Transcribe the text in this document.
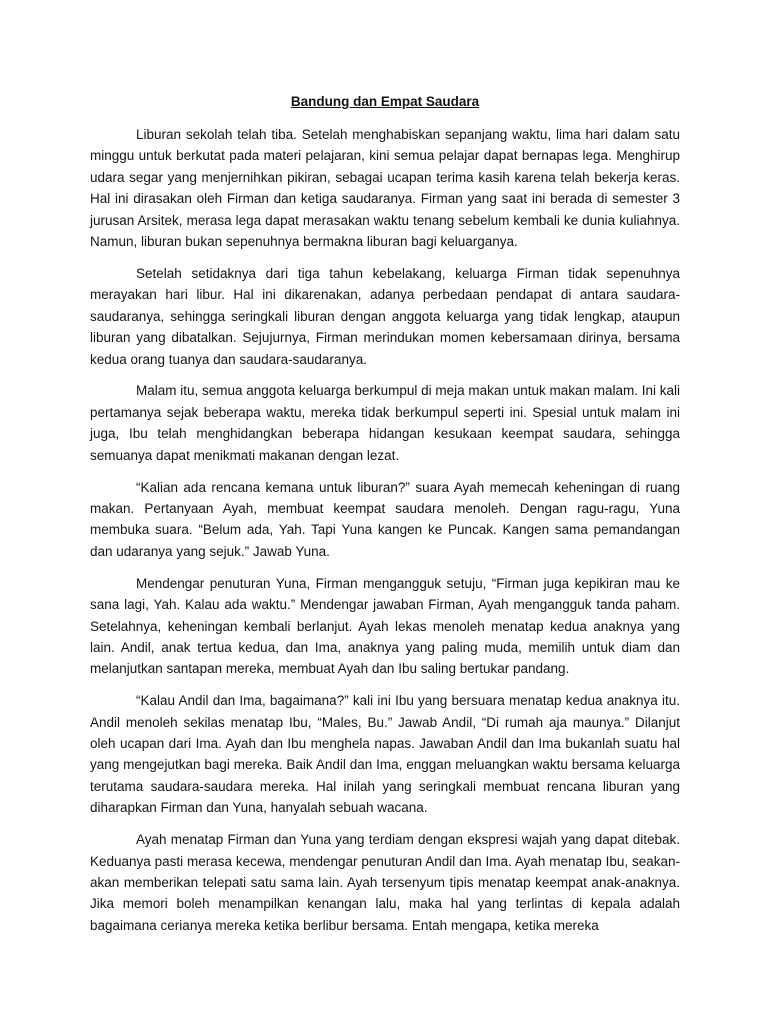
Bandung dan Empat Saudara

Liburan sekolah telah tiba. Setelah menghabiskan sepanjang waktu, lima hari dalam satu minggu untuk berkutat pada materi pelajaran, kini semua pelajar dapat bernapas lega. Menghirup udara segar yang menjernihkan pikiran, sebagai ucapan terima kasih karena telah bekerja keras. Hal ini dirasakan oleh Firman dan ketiga saudaranya. Firman yang saat ini berada di semester 3 jurusan Arsitek, merasa lega dapat merasakan waktu tenang sebelum kembali ke dunia kuliahnya. Namun, liburan bukan sepenuhnya bermakna liburan bagi keluarganya.

Setelah setidaknya dari tiga tahun kebelakang, keluarga Firman tidak sepenuhnya merayakan hari libur. Hal ini dikarenakan, adanya perbedaan pendapat di antara saudara-saudaranya, sehingga seringkali liburan dengan anggota keluarga yang tidak lengkap, ataupun liburan yang dibatalkan. Sejujurnya, Firman merindukan momen kebersamaan dirinya, bersama kedua orang tuanya dan saudara-saudaranya.

Malam itu, semua anggota keluarga berkumpul di meja makan untuk makan malam. Ini kali pertamanya sejak beberapa waktu, mereka tidak berkumpul seperti ini. Spesial untuk malam ini juga, Ibu telah menghidangkan beberapa hidangan kesukaan keempat saudara, sehingga semuanya dapat menikmati makanan dengan lezat.

“Kalian ada rencana kemana untuk liburan?” suara Ayah memecah keheningan di ruang makan. Pertanyaan Ayah, membuat keempat saudara menoleh. Dengan ragu-ragu, Yuna membuka suara. “Belum ada, Yah. Tapi Yuna kangen ke Puncak. Kangen sama pemandangan dan udaranya yang sejuk.” Jawab Yuna.

Mendengar penuturan Yuna, Firman mengangguk setuju, “Firman juga kepikiran mau ke sana lagi, Yah. Kalau ada waktu.” Mendengar jawaban Firman, Ayah mengangguk tanda paham. Setelahnya, keheningan kembali berlanjut. Ayah lekas menoleh menatap kedua anaknya yang lain. Andil, anak tertua kedua, dan Ima, anaknya yang paling muda, memilih untuk diam dan melanjutkan santapan mereka, membuat Ayah dan Ibu saling bertukar pandang.

“Kalau Andil dan Ima, bagaimana?” kali ini Ibu yang bersuara menatap kedua anaknya itu. Andil menoleh sekilas menatap Ibu, “Males, Bu.” Jawab Andil, “Di rumah aja maunya.” Dilanjut oleh ucapan dari Ima. Ayah dan Ibu menghela napas. Jawaban Andil dan Ima bukanlah suatu hal yang mengejutkan bagi mereka. Baik Andil dan Ima, enggan meluangkan waktu bersama keluarga terutama saudara-saudara mereka. Hal inilah yang seringkali membuat rencana liburan yang diharapkan Firman dan Yuna, hanyalah sebuah wacana.

Ayah menatap Firman dan Yuna yang terdiam dengan ekspresi wajah yang dapat ditebak. Keduanya pasti merasa kecewa, mendengar penuturan Andil dan Ima. Ayah menatap Ibu, seakan-akan memberikan telepati satu sama lain. Ayah tersenyum tipis menatap keempat anak-anaknya. Jika memori boleh menampilkan kenangan lalu, maka hal yang terlintas di kepala adalah bagaimana cerianya mereka ketika berlibur bersama. Entah mengapa, ketika mereka
